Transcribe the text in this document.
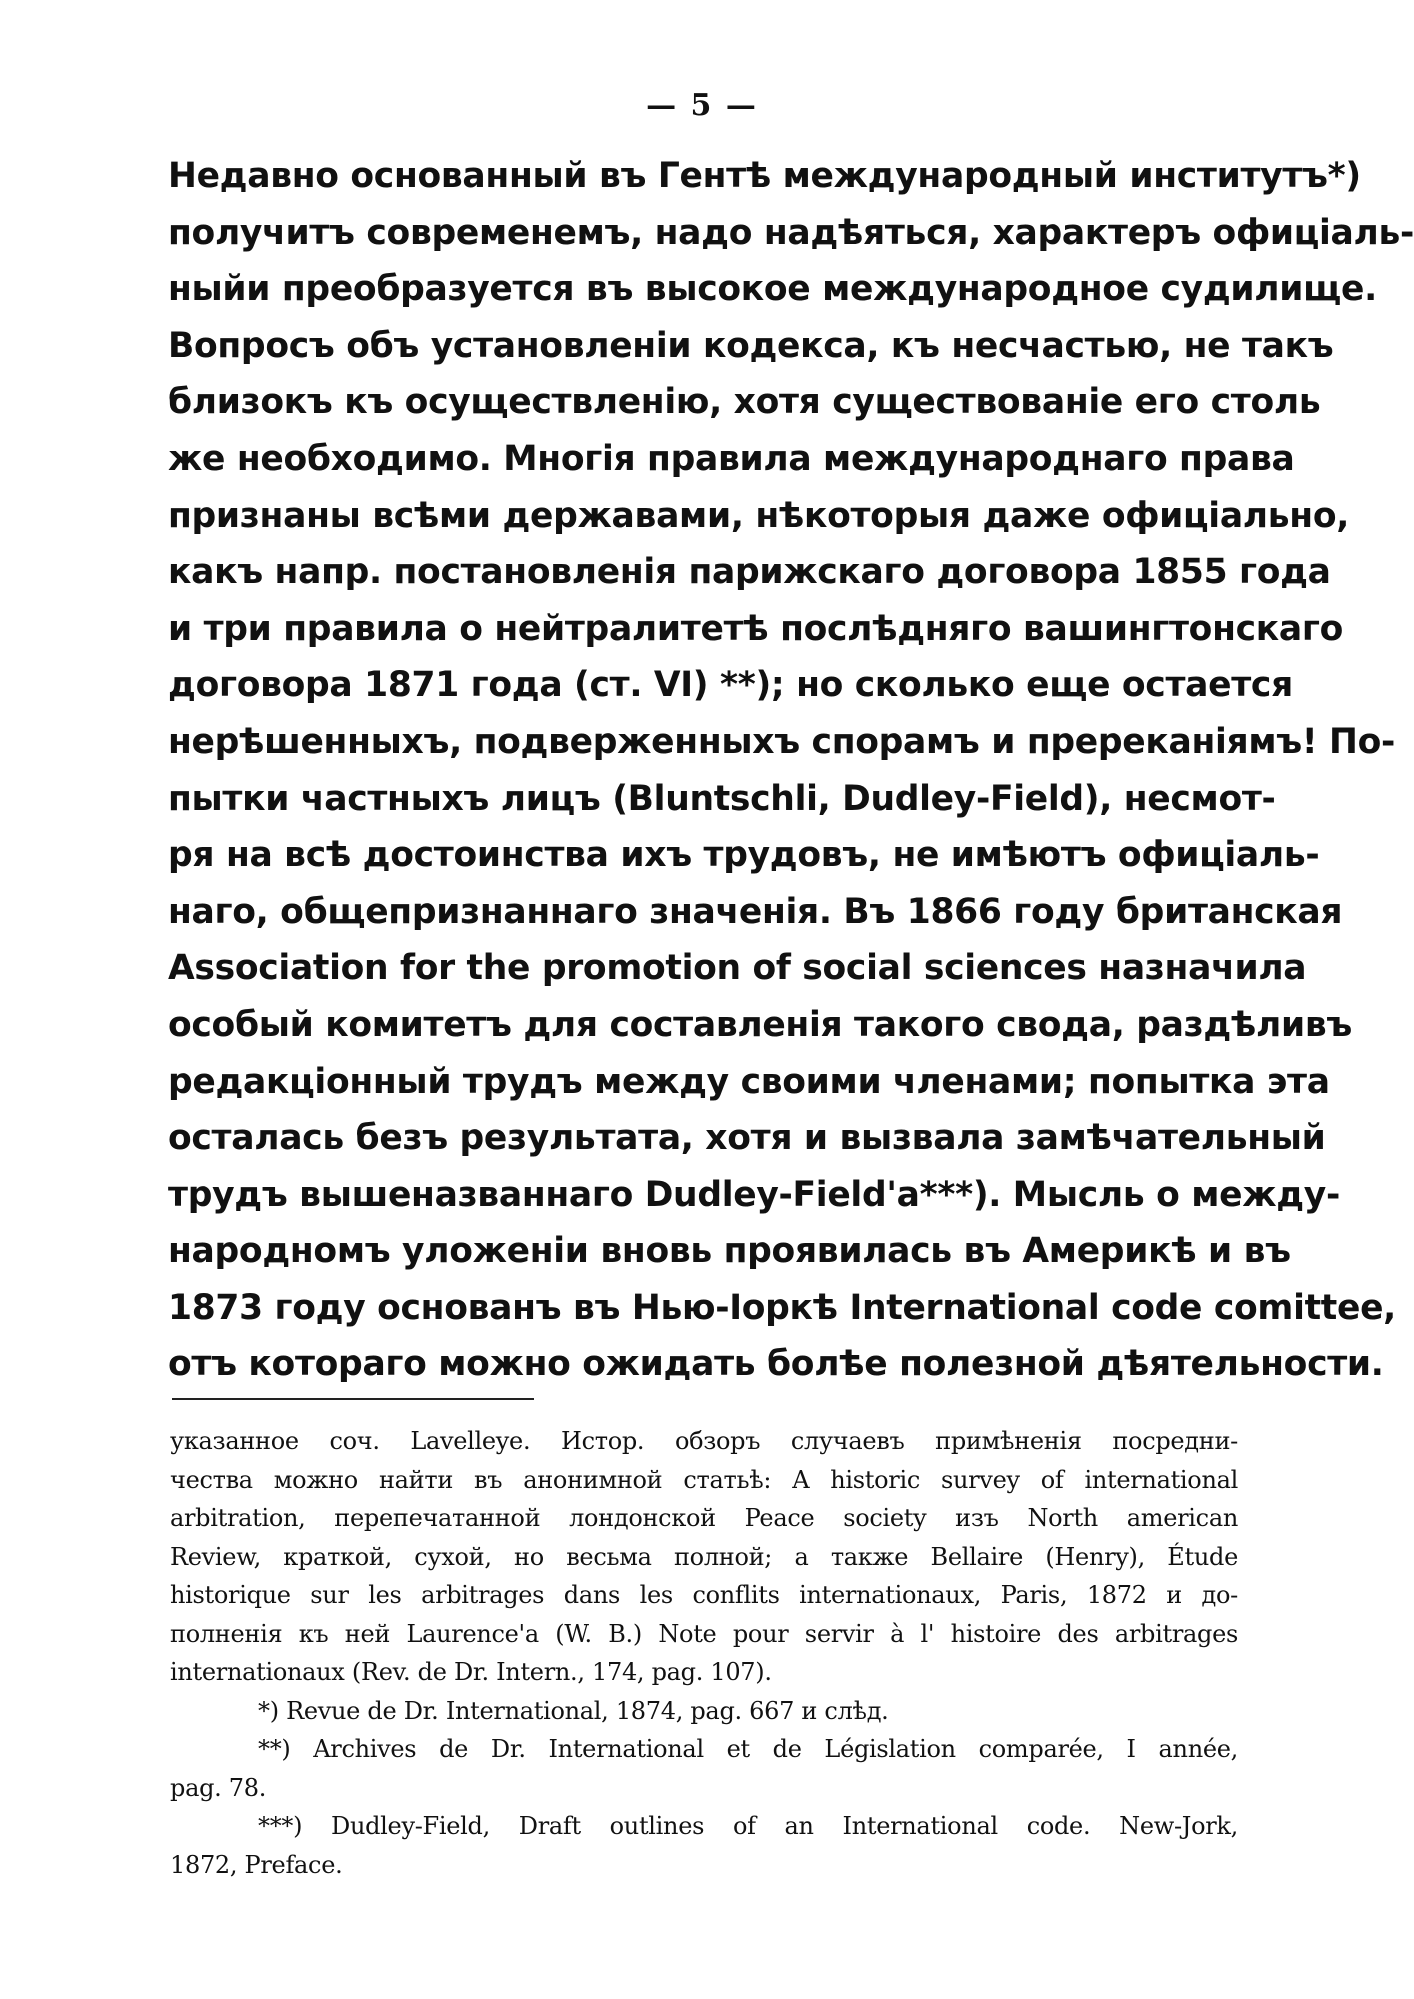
— 5 —
Недавно основанный въ Гентѣ международный институтъ*)
получитъ современемъ, надо надѣяться, характеръ офиціаль-
ныйи преобразуется въ высокое международное судилище.
Вопросъ объ установленіи кодекса, къ несчастью, не такъ
близокъ къ осуществленію, хотя существованіе его столь
же необходимо. Многія правила международнаго права
признаны всѣми державами, нѣкоторыя даже офиціально,
какъ напр. постановленія парижскаго договора 1855 года
и три правила о нейтралитетѣ послѣдняго вашингтонскаго
договора 1871 года (ст. VI) **); но сколько еще остается
нерѣшенныхъ, подверженныхъ спорамъ и пререканіямъ! По-
пытки частныхъ лицъ (Bluntschli, Dudley-Field), несмот-
ря на всѣ достоинства ихъ трудовъ, не имѣютъ офиціаль-
наго, общепризнаннаго значенія. Въ 1866 году британская
Association for the promotion of social sciences назначила
особый комитетъ для составленія такого свода, раздѣливъ
редакціонный трудъ между своими членами; попытка эта
осталась безъ результата, хотя и вызвала замѣчательный
трудъ вышеназваннаго Dudley-Field'a***). Мысль о между-
народномъ уложеніи вновь проявилась въ Америкѣ и въ
1873 году основанъ въ Нью-Іоркѣ International code comittee,
отъ котораго можно ожидать болѣе полезной дѣятельности.
указанное соч. Lavelleye. Истор. обзоръ случаевъ примѣненія посредни-
чества можно найти въ анонимной статьѣ: A historic survey of international
arbitration, перепечатанной лондонской Peace society изъ North american
Review, краткой, сухой, но весьма полной; а также Bellaire (Henry), Étude
historique sur les arbitrages dans les conflits internationaux, Paris, 1872 и до-
полненія къ ней Laurence'a (W. B.) Note pour servir à l' histoire des arbitrages
internationaux (Rev. de Dr. Intern., 174, pag. 107).
*) Revue de Dr. International, 1874, pag. 667 и слѣд.
**) Archives de Dr. International et de Législation comparée, I année,
pag. 78.
***) Dudley-Field, Draft outlines of an International code. New-Jork,
1872, Preface.
